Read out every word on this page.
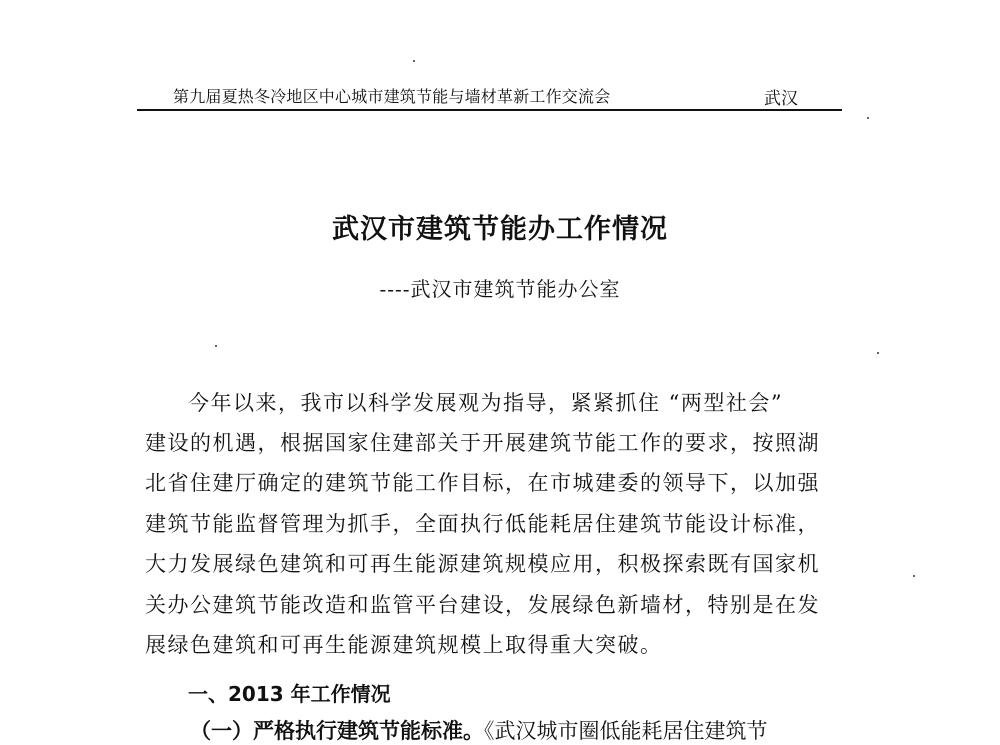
第九届夏热冬冷地区中心城市建筑节能与墙材革新工作交流会	武汉
武汉市建筑节能办工作情况
----武汉市建筑节能办公室
今年以来，我市以科学发展观为指导，紧紧抓住 “两型社会”
建设的机遇，根据国家住建部关于开展建筑节能工作的要求，按照湖
北省住建厅确定的建筑节能工作目标，在市城建委的领导下，以加强
建筑节能监督管理为抓手，全面执行低能耗居住建筑节能设计标准，
大力发展绿色建筑和可再生能源建筑规模应用，积极探索既有国家机
关办公建筑节能改造和监管平台建设，发展绿色新墙材，特别是在发
展绿色建筑和可再生能源建筑规模上取得重大突破。
一、2013 年工作情况
（一）严格执行建筑节能标准。《武汉城市圈低能耗居住建筑节
